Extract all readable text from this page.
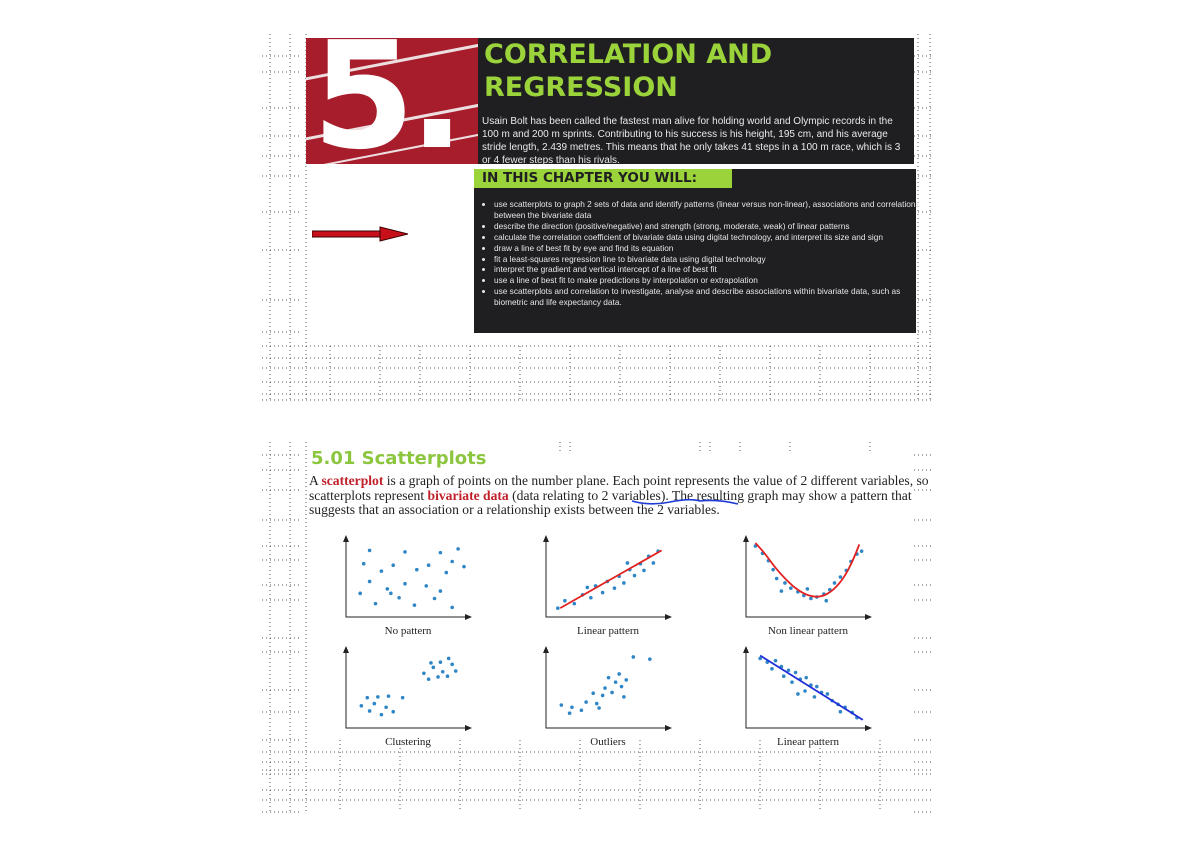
5. CORRELATION AND REGRESSION

Usain Bolt has been called the fastest man alive for holding world and Olympic records in the 100 m and 200 m sprints. Contributing to his success is his height, 195 cm, and his average stride length, 2.439 metres. This means that he only takes 41 steps in a 100 m race, which is 3 or 4 fewer steps than his rivals.

IN THIS CHAPTER YOU WILL:
• use scatterplots to graph 2 sets of data and identify patterns (linear versus non-linear), associations and correlations between the bivariate data
• describe the direction (positive/negative) and strength (strong, moderate, weak) of linear patterns
• calculate the correlation coefficient of bivariate data using digital technology, and interpret its size and sign
• draw a line of best fit by eye and find its equation
• fit a least-squares regression line to bivariate data using digital technology
• interpret the gradient and vertical intercept of a line of best fit
• use a line of best fit to make predictions by interpolation or extrapolation
• use scatterplots and correlation to investigate, analyse and describe associations within bivariate data, such as biometric and life expectancy data.
5.01 Scatterplots

A scatterplot is a graph of points on the number plane. Each point represents the value of 2 different variables, so scatterplots represent bivariate data (data relating to 2 variables). The resulting graph may show a pattern that suggests that an association or a relationship exists between the 2 variables.

No pattern	Linear pattern	Non linear pattern
Clustering	Outliers	Linear pattern
